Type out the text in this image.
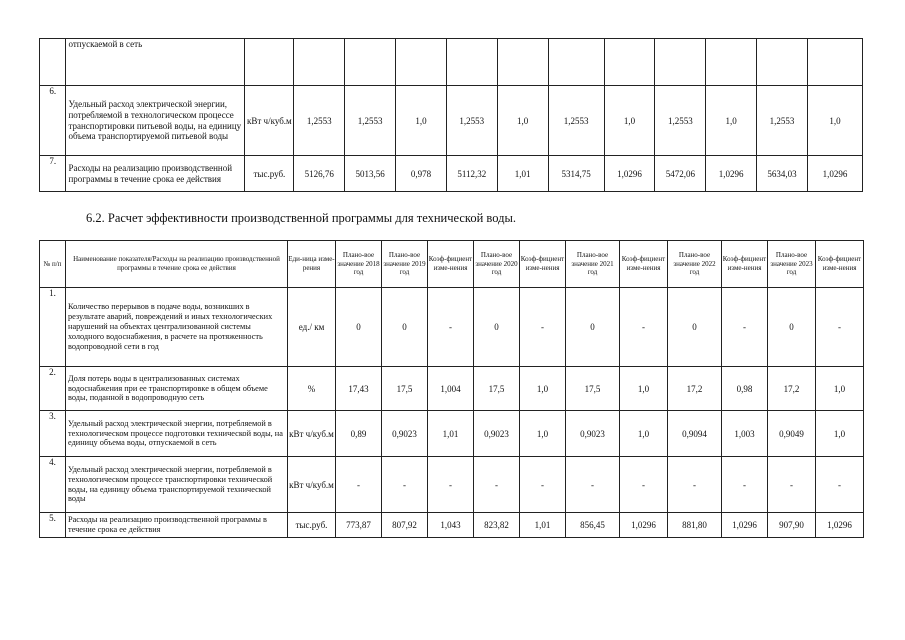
	отпускаемой в сеть												
6.	Удельный расход электрической энергии, потребляемой в технологическом процессе транспортировки питьевой воды, на единицу объема транспортируемой питьевой воды	кВт ч/куб.м	1,2553	1,2553	1,0	1,2553	1,0	1,2553	1,0	1,2553	1,0	1,2553	1,0
7.	Расходы на реализацию производственной программы в течение срока ее действия	тыс.руб.	5126,76	5013,56	0,978	5112,32	1,01	5314,75	1,0296	5472,06	1,0296	5634,03	1,0296
6.2. Расчет эффективности производственной программы для технической воды.
№ п/п	Наименование показателя/Расходы на реализацию производственной программы в течение срока ее действия	Еди-ница изме-рения	Плано-вое значение 2018 год	Плано-вое значение 2019 год	Коэф-фициент изме-нения	Плано-вое значение 2020 год	Коэф-фициент изме-нения	Плано-вое значение 2021 год	Коэф-фициент изме-нения	Плано-вое значение 2022 год	Коэф-фициент изме-нения	Плано-вое значение 2023 год	Коэф-фициент изме-нения
1.	Количество перерывов в подаче воды, возникших в результате аварий, повреждений и иных технологических нарушений на объектах централизованной системы холодного водоснабжения, в расчете на протяженность водопроводной сети в год	ед./ км	0	0	-	0	-	0	-	0	-	0	-
2.	Доля потерь воды в централизованных системах водоснабжения при ее транспортировке в общем объеме воды, поданной в водопроводную сеть	%	17,43	17,5	1,004	17,5	1,0	17,5	1,0	17,2	0,98	17,2	1,0
3.	Удельный расход электрической энергии, потребляемой в технологическом процессе подготовки технической воды, на единицу объема воды, отпускаемой в сеть	кВт ч/куб.м	0,89	0,9023	1,01	0,9023	1,0	0,9023	1,0	0,9094	1,003	0,9049	1,0
4.	Удельный расход электрической энергии, потребляемой в технологическом процессе транспортировки технической воды, на единицу объема транспортируемой технической воды	кВт ч/куб.м	-	-	-	-	-	-	-	-	-	-	-
5.	Расходы на реализацию производственной программы в течение срока ее действия	тыс.руб.	773,87	807,92	1,043	823,82	1,01	856,45	1,0296	881,80	1,0296	907,90	1,0296
